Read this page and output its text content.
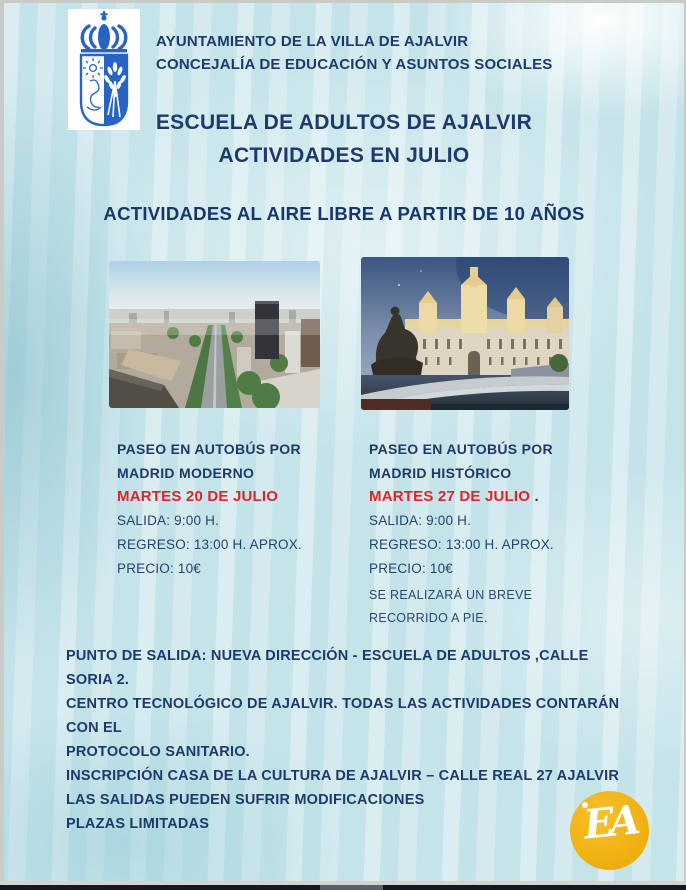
AYUNTAMIENTO DE LA VILLA DE AJALVIR
CONCEJALÍA DE EDUCACIÓN Y ASUNTOS SOCIALES
ESCUELA DE ADULTOS DE AJALVIR
ACTIVIDADES EN JULIO
ACTIVIDADES AL AIRE LIBRE A PARTIR DE 10 AÑOS
PASEO EN AUTOBÚS POR
MADRID MODERNO
MARTES 20 DE JULIO
SALIDA: 9:00 H.
REGRESO: 13:00 H. APROX.
PRECIO: 10€
PASEO EN AUTOBÚS POR
MADRID HISTÓRICO
MARTES 27 DE JULIO .
SALIDA: 9:00 H.
REGRESO: 13:00 H. APROX.
PRECIO: 10€
SE REALIZARÁ UN BREVE
RECORRIDO A PIE.
PUNTO DE SALIDA: NUEVA DIRECCIÓN - ESCUELA DE ADULTOS ,CALLE SORIA 2.
CENTRO TECNOLÓGICO DE AJALVIR. TODAS LAS ACTIVIDADES CONTARÁN CON EL
PROTOCOLO SANITARIO.
INSCRIPCIÓN CASA DE LA CULTURA DE AJALVIR – CALLE REAL 27 AJALVIR
LAS SALIDAS PUEDEN SUFRIR MODIFICACIONES
PLAZAS LIMITADAS	EA
